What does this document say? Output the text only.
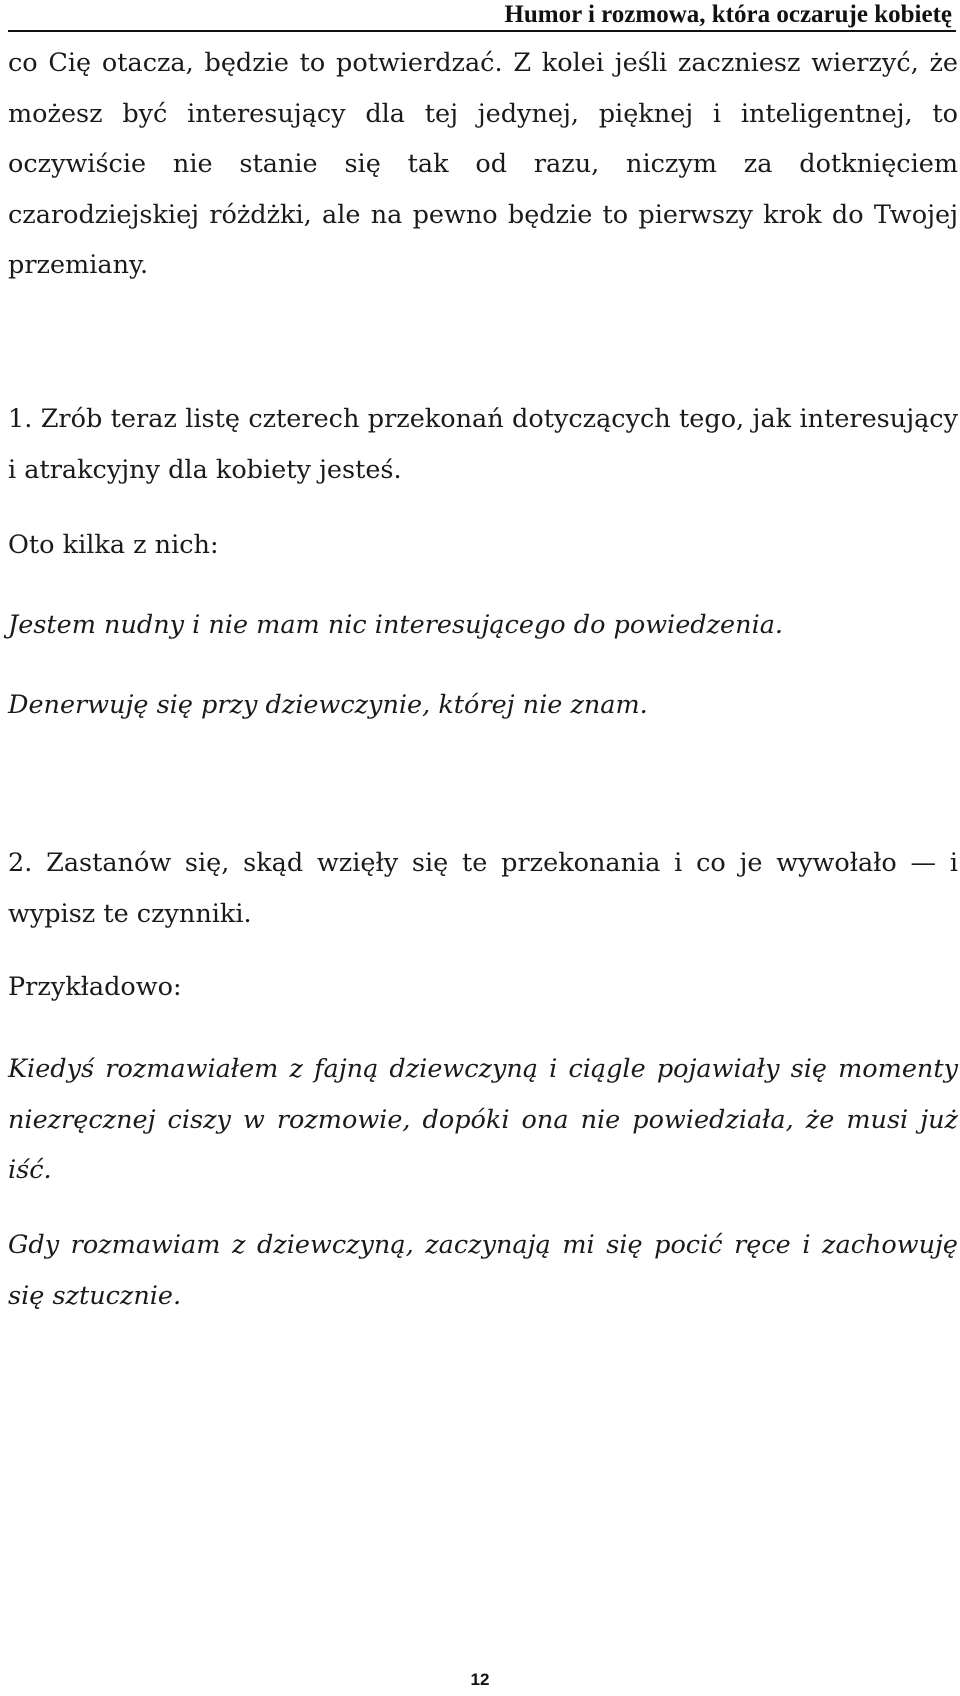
Humor i rozmowa, która oczaruje kobietę

co Cię otacza, będzie to potwierdzać. Z kolei jeśli zaczniesz wierzyć, że możesz być interesujący dla tej jedynej, pięknej i inteligentnej, to oczywiście nie stanie się tak od razu, niczym za dotknięciem czarodziejskiej różdżki, ale na pewno będzie to pierwszy krok do Twojej przemiany.

1. Zrób teraz listę czterech przekonań dotyczących tego, jak interesujący i atrakcyjny dla kobiety jesteś.

Oto kilka z nich:

Jestem nudny i nie mam nic interesującego do powiedzenia.

Denerwuję się przy dziewczynie, której nie znam.

2. Zastanów się, skąd wzięły się te przekonania i co je wywołało — i wypisz te czynniki.

Przykładowo:

Kiedyś rozmawiałem z fajną dziewczyną i ciągle pojawiały się momenty niezręcznej ciszy w rozmowie, dopóki ona nie powiedziała, że musi już iść.

Gdy rozmawiam z dziewczyną, zaczynają mi się pocić ręce i zachowuję się sztucznie.

12
